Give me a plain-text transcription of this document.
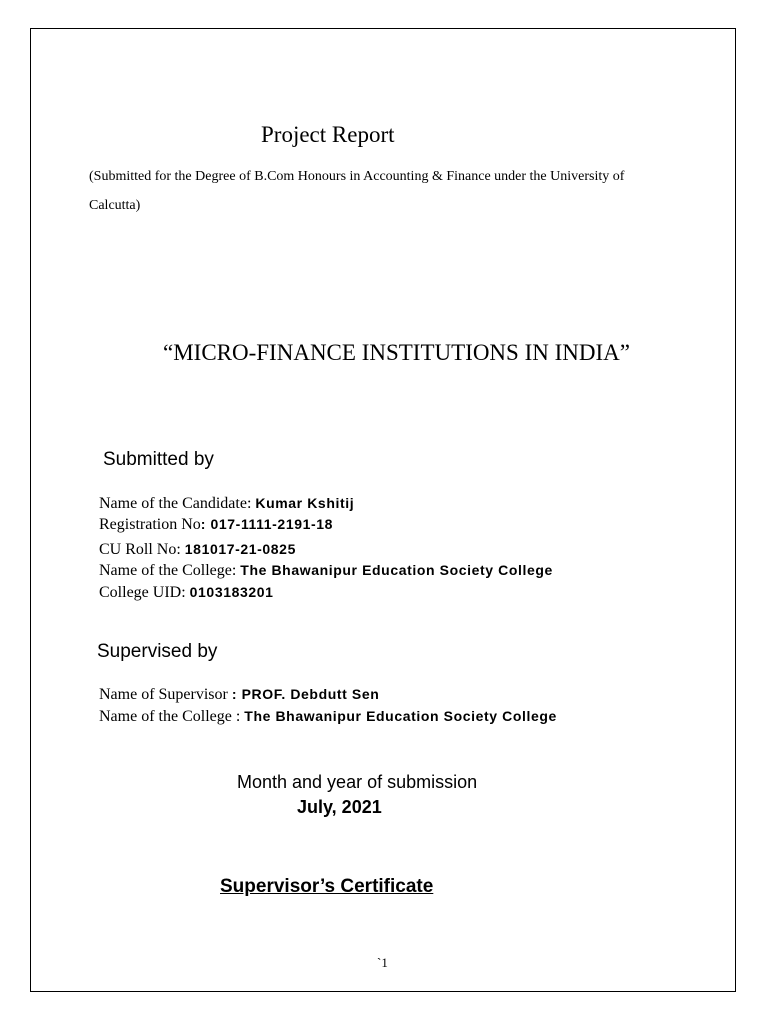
Project Report
(Submitted for the Degree of B.Com Honours in Accounting & Finance under the University of
Calcutta)
“MICRO-FINANCE INSTITUTIONS IN INDIA”
Submitted by
Name of the Candidate: Kumar Kshitij
Registration No: 017-1111-2191-18
CU Roll No: 181017-21-0825
Name of the College: The Bhawanipur Education Society College
College UID: 0103183201
Supervised by
Name of Supervisor : PROF. Debdutt Sen
Name of the College : The Bhawanipur Education Society College
Month and year of submission
July, 2021
Supervisor’s Certificate
`1
